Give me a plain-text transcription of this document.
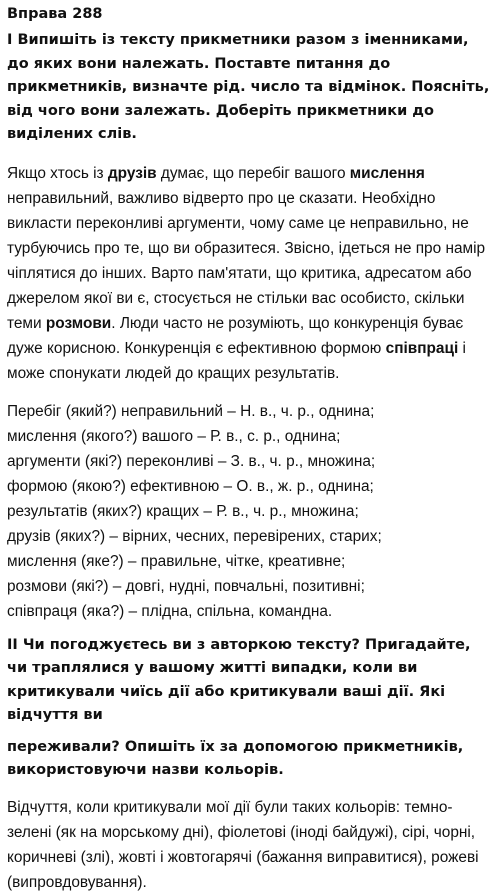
Вправа 288

I Випишіть із тексту прикметники разом з іменниками, до яких вони належать. Поставте питання до прикметників, визначте рід. число та відмінок. Поясніть, від чого вони залежать. Доберіть прикметники до виділених слів.

Якщо хтось із друзів думає, що перебіг вашого мислення неправильний, важливо відверто про це сказати. Необхідно викласти переконливі аргументи, чому саме це неправильно, не турбуючись про те, що ви образитеся. Звісно, ідеться не про намір чіплятися до інших. Варто пам'ятати, що критика, адресатом або джерелом якої ви є, стосується не стільки вас особисто, скільки теми розмови. Люди часто не розуміють, що конкуренція буває дуже корисною. Конкуренція є ефективною формою співпраці і може спонукати людей до кращих результатів.
Перебіг (який?) неправильний – Н. в., ч. р., однина;
мислення (якого?) вашого – Р. в., с. р., однина;
аргументи (які?) переконливі – З. в., ч. р., множина;
формою (якою?) ефективною – О. в., ж. р., однина;
результатів (яких?) кращих – Р. в., ч. р., множина;
друзів (яких?) – вірних, чесних, перевірених, старих;
мислення (яке?) – правильне, чітке, креативне;
розмови (які?) – довгі, нудні, повчальні, позитивні;
співпраця (яка?) – плідна, спільна, командна.

II Чи погоджуєтесь ви з авторкою тексту? Пригадайте, чи траплялися у вашому житті випадки, коли ви критикували чиїсь дії або критикували ваші дії. Які відчуття ви

переживали? Опишіть їх за допомогою прикметників, використовуючи назви кольорів.

Відчуття, коли критикували мої дії були таких кольорів: темно-зелені (як на морському дні), фіолетові (іноді байдужі), сірі, чорні, коричневі (злі), жовті і жовтогарячі (бажання виправитися), рожеві (випровдовування).
